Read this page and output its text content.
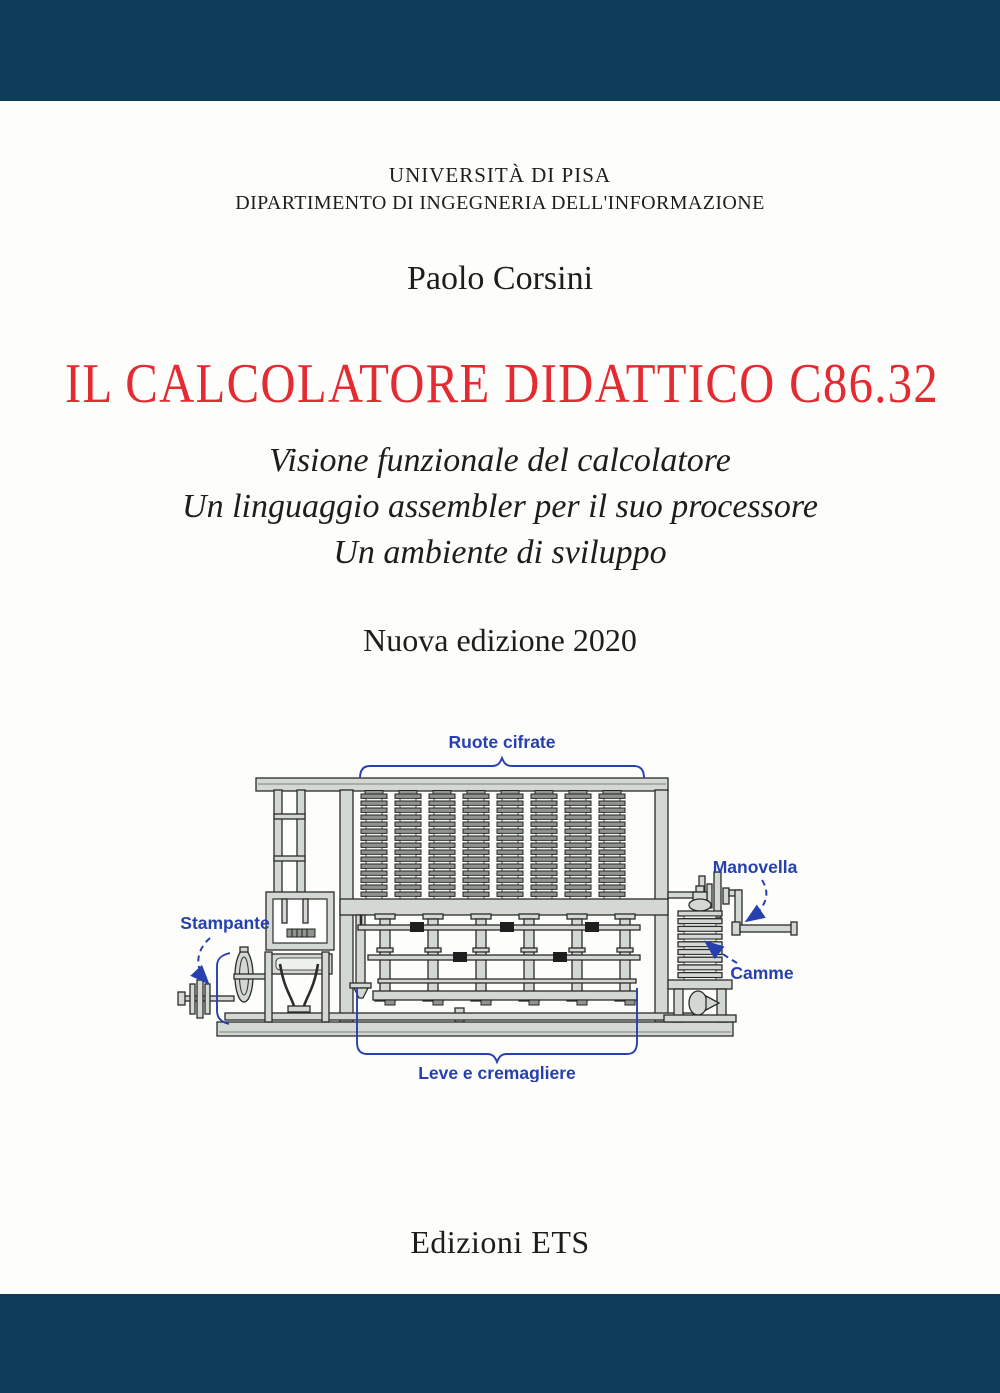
UNIVERSITÀ DI PISA
DIPARTIMENTO DI INGEGNERIA DELL'INFORMAZIONE
Paolo Corsini
IL CALCOLATORE DIDATTICO C86.32
Visione funzionale del calcolatore
Un linguaggio assembler per il suo processore
Un ambiente di sviluppo
Nuova edizione 2020
Ruote cifrate
Leve e cremagliere
Stampante
Manovella
Camme
Edizioni ETS
